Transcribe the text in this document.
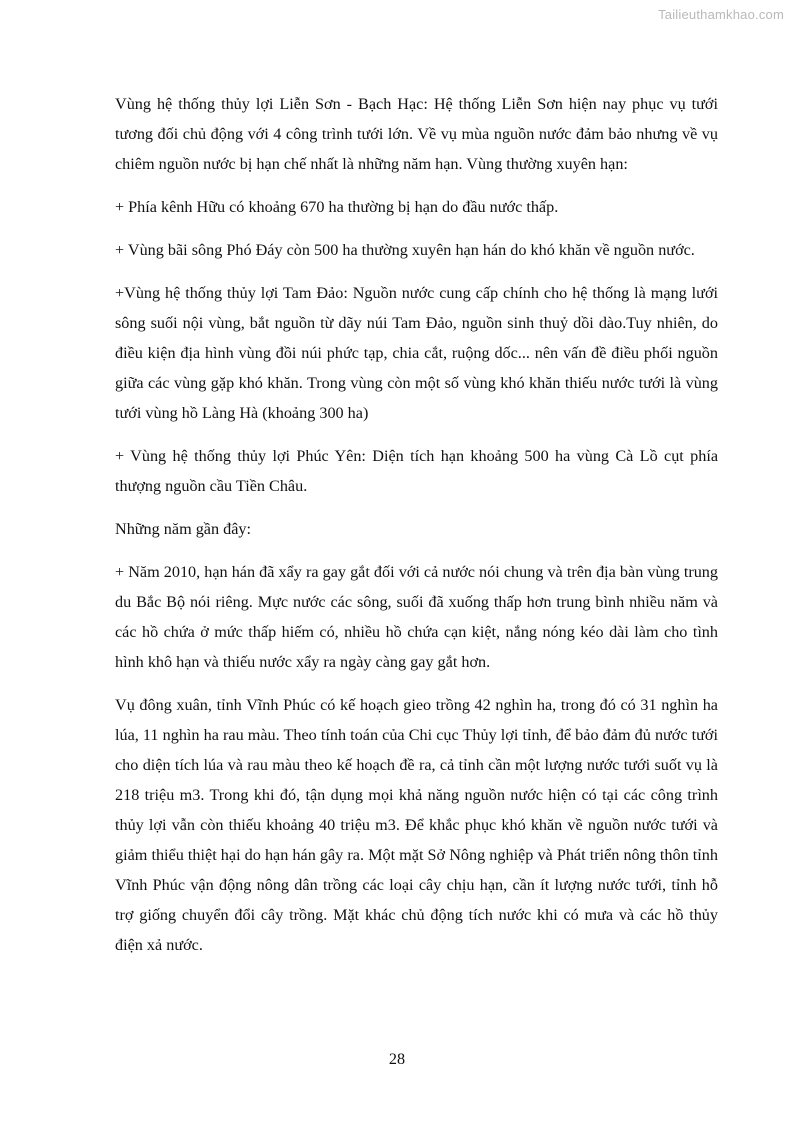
Tailieuthamkhao.com

Vùng hệ thống thủy lợi Liễn Sơn - Bạch Hạc: Hệ thống Liễn Sơn hiện nay phục vụ tưới tương đối chủ động với 4 công trình tưới lớn. Về vụ mùa nguồn nước đảm bảo nhưng về vụ chiêm nguồn nước bị hạn chế nhất là những năm hạn. Vùng thường xuyên hạn:

+ Phía kênh Hữu có khoảng 670 ha thường bị hạn do đầu nước thấp.

+ Vùng bãi sông Phó Đáy còn 500 ha thường xuyên hạn hán do khó khăn về nguồn nước.

+Vùng hệ thống thủy lợi Tam Đảo: Nguồn nước cung cấp chính cho hệ thống là mạng lưới sông suối nội vùng, bắt nguồn từ dãy núi Tam Đảo, nguồn sinh thuỷ dồi dào.Tuy nhiên, do điều kiện địa hình vùng đồi núi phức tạp, chia cắt, ruộng dốc... nên vấn đề điều phối nguồn giữa các vùng gặp khó khăn. Trong vùng còn một số vùng khó khăn thiếu nước tưới là vùng tưới vùng hồ Làng Hà (khoảng 300 ha)

+ Vùng hệ thống thủy lợi Phúc Yên: Diện tích hạn khoảng 500 ha vùng Cà Lồ cụt phía thượng nguồn cầu Tiền Châu.

Những năm gần đây:

+ Năm 2010, hạn hán đã xẩy ra gay gắt đối với cả nước nói chung và trên địa bàn vùng trung du Bắc Bộ nói riêng. Mực nước các sông, suối đã xuống thấp hơn trung bình nhiều năm và các hồ chứa ở mức thấp hiếm có, nhiều hồ chứa cạn kiệt, nắng nóng kéo dài làm cho tình hình khô hạn và thiếu nước xẩy ra ngày càng gay gắt hơn.

Vụ đông xuân, tỉnh Vĩnh Phúc có kế hoạch gieo trồng 42 nghìn ha, trong đó có 31 nghìn ha lúa, 11 nghìn ha rau màu. Theo tính toán của Chi cục Thủy lợi tỉnh, để bảo đảm đủ nước tưới cho diện tích lúa và rau màu theo kế hoạch đề ra, cả tỉnh cần một lượng nước tưới suốt vụ là 218 triệu m3. Trong khi đó, tận dụng mọi khả năng nguồn nước hiện có tại các công trình thủy lợi vẫn còn thiếu khoảng 40 triệu m3. Để khắc phục khó khăn về nguồn nước tưới và giảm thiểu thiệt hại do hạn hán gây ra. Một mặt Sở Nông nghiệp và Phát triển nông thôn tỉnh Vĩnh Phúc vận động nông dân trồng các loại cây chịu hạn, cần ít lượng nước tưới, tỉnh hỗ trợ giống chuyển đổi cây trồng. Mặt khác chủ động tích nước khi có mưa và các hồ thủy điện xả nước.

28
